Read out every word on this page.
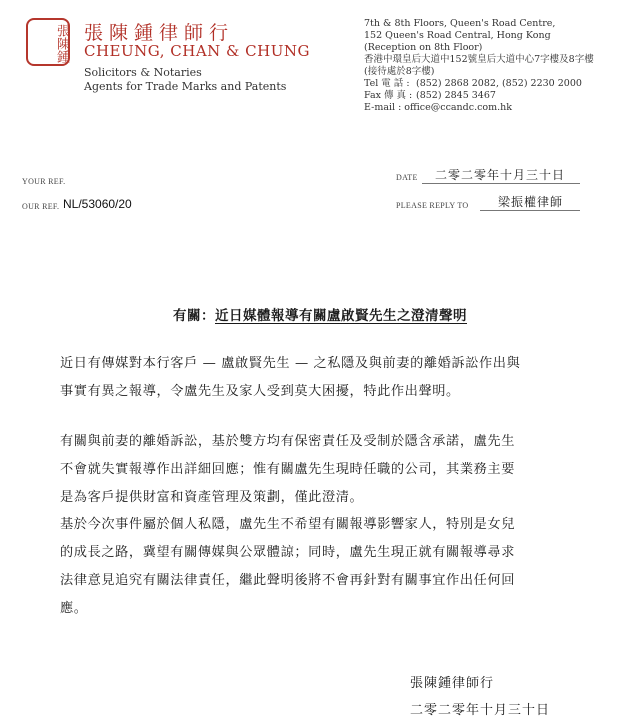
張陳鍾 張陳鍾律師行
CHEUNG, CHAN & CHUNG
Solicitors & Notaries
Agents for Trade Marks and Patents
7th & 8th Floors, Queen's Road Centre,
152 Queen's Road Central, Hong Kong
(Reception on 8th Floor)
香港中環皇后大道中152號皇后大道中心7字樓及8字樓
(接待處於8字樓)
Tel 電 話 : (852) 2868 2082, (852) 2230 2000
Fax 傳 真 : (852) 2845 3467
E-mail : office@ccandc.com.hk
YOUR REF.
OUR REF. NL/53060/20
DATE	二零二零年十月三十日
PLEASE REPLY TO 梁振權律師
有關：近日媒體報導有關盧啟賢先生之澄清聲明
近日有傳媒對本行客戶 — 盧啟賢先生 — 之私隱及與前妻的離婚訴訟作出與
事實有異之報導，令盧先生及家人受到莫大困擾，特此作出聲明。
有關與前妻的離婚訴訟，基於雙方均有保密責任及受制於隱含承諾，盧先生
不會就失實報導作出詳細回應；惟有關盧先生現時任職的公司，其業務主要
是為客戶提供財富和資產管理及策劃，僅此澄清。
基於今次事件屬於個人私隱，盧先生不希望有關報導影響家人，特別是女兒
的成長之路，冀望有關傳媒與公眾體諒；同時，盧先生現正就有關報導尋求
法律意見追究有關法律責任，繼此聲明後將不會再針對有關事宜作出任何回
應。
張陳鍾律師行
二零二零年十月三十日
